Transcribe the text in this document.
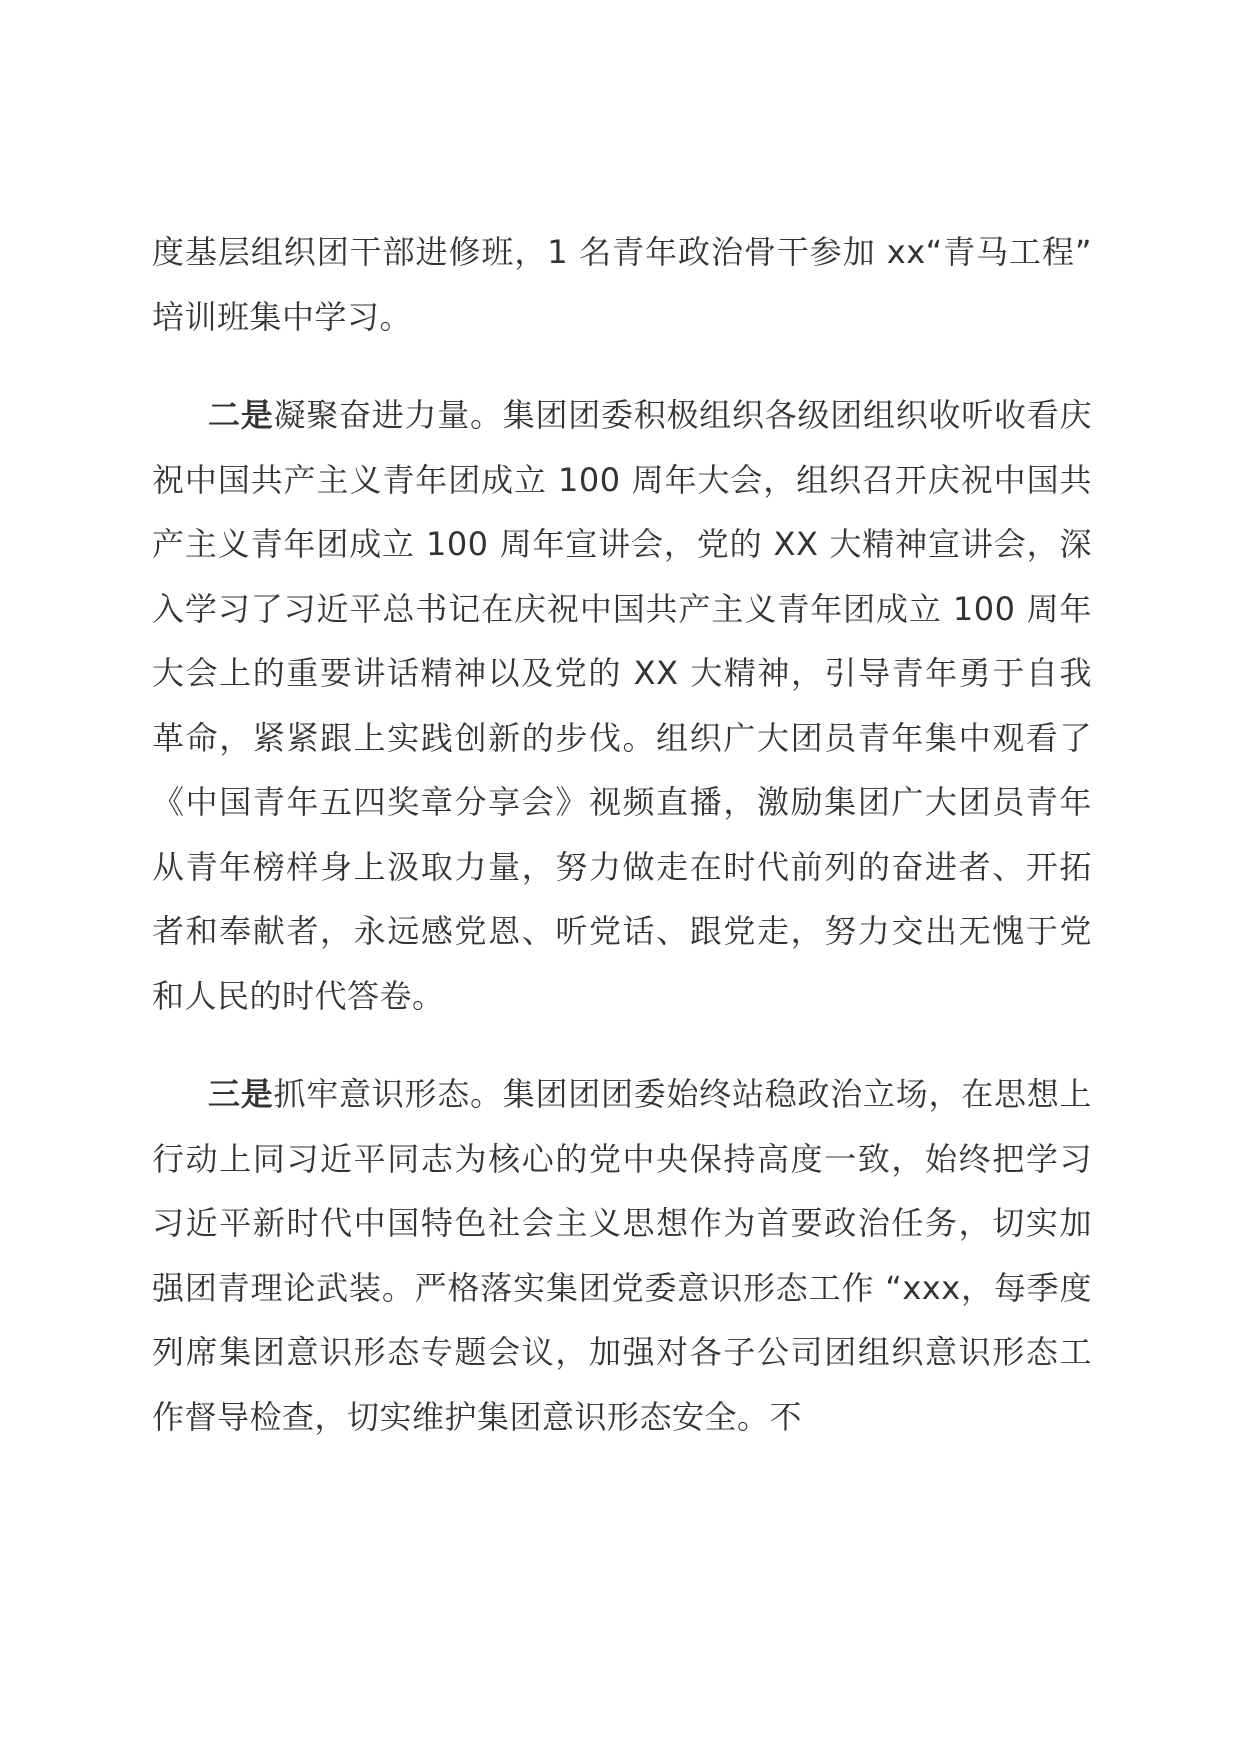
度基层组织团干部进修班，1 名青年政治骨干参加 xx“青马工程” 培训班集中学习。

二是凝聚奋进力量。集团团委积极组织各级团组织收听收看庆祝中国共产主义青年团成立 100 周年大会，组织召开庆祝中国共产主义青年团成立 100 周年宣讲会，党的 XX 大精神宣讲会，深入学习了习近平总书记在庆祝中国共产主义青年团成立 100 周年大会上的重要讲话精神以及党的 XX 大精神，引导青年勇于自我革命，紧紧跟上实践创新的步伐。组织广大团员青年集中观看了《中国青年五四奖章分享会》视频直播，激励集团广大团员青年从青年榜样身上汲取力量，努力做走在时代前列的奋进者、开拓者和奉献者，永远感党恩、听党话、跟党走，努力交出无愧于党和人民的时代答卷。

三是抓牢意识形态。集团团团委始终站稳政治立场，在思想上行动上同习近平同志为核心的党中央保持高度一致，始终把学习习近平新时代中国特色社会主义思想作为首要政治任务，切实加强团青理论武装。严格落实集团党委意识形态工作 “xxx，每季度列席集团意识形态专题会议，加强对各子公司团组织意识形态工作督导检查，切实维护集团意识形态安全。不
